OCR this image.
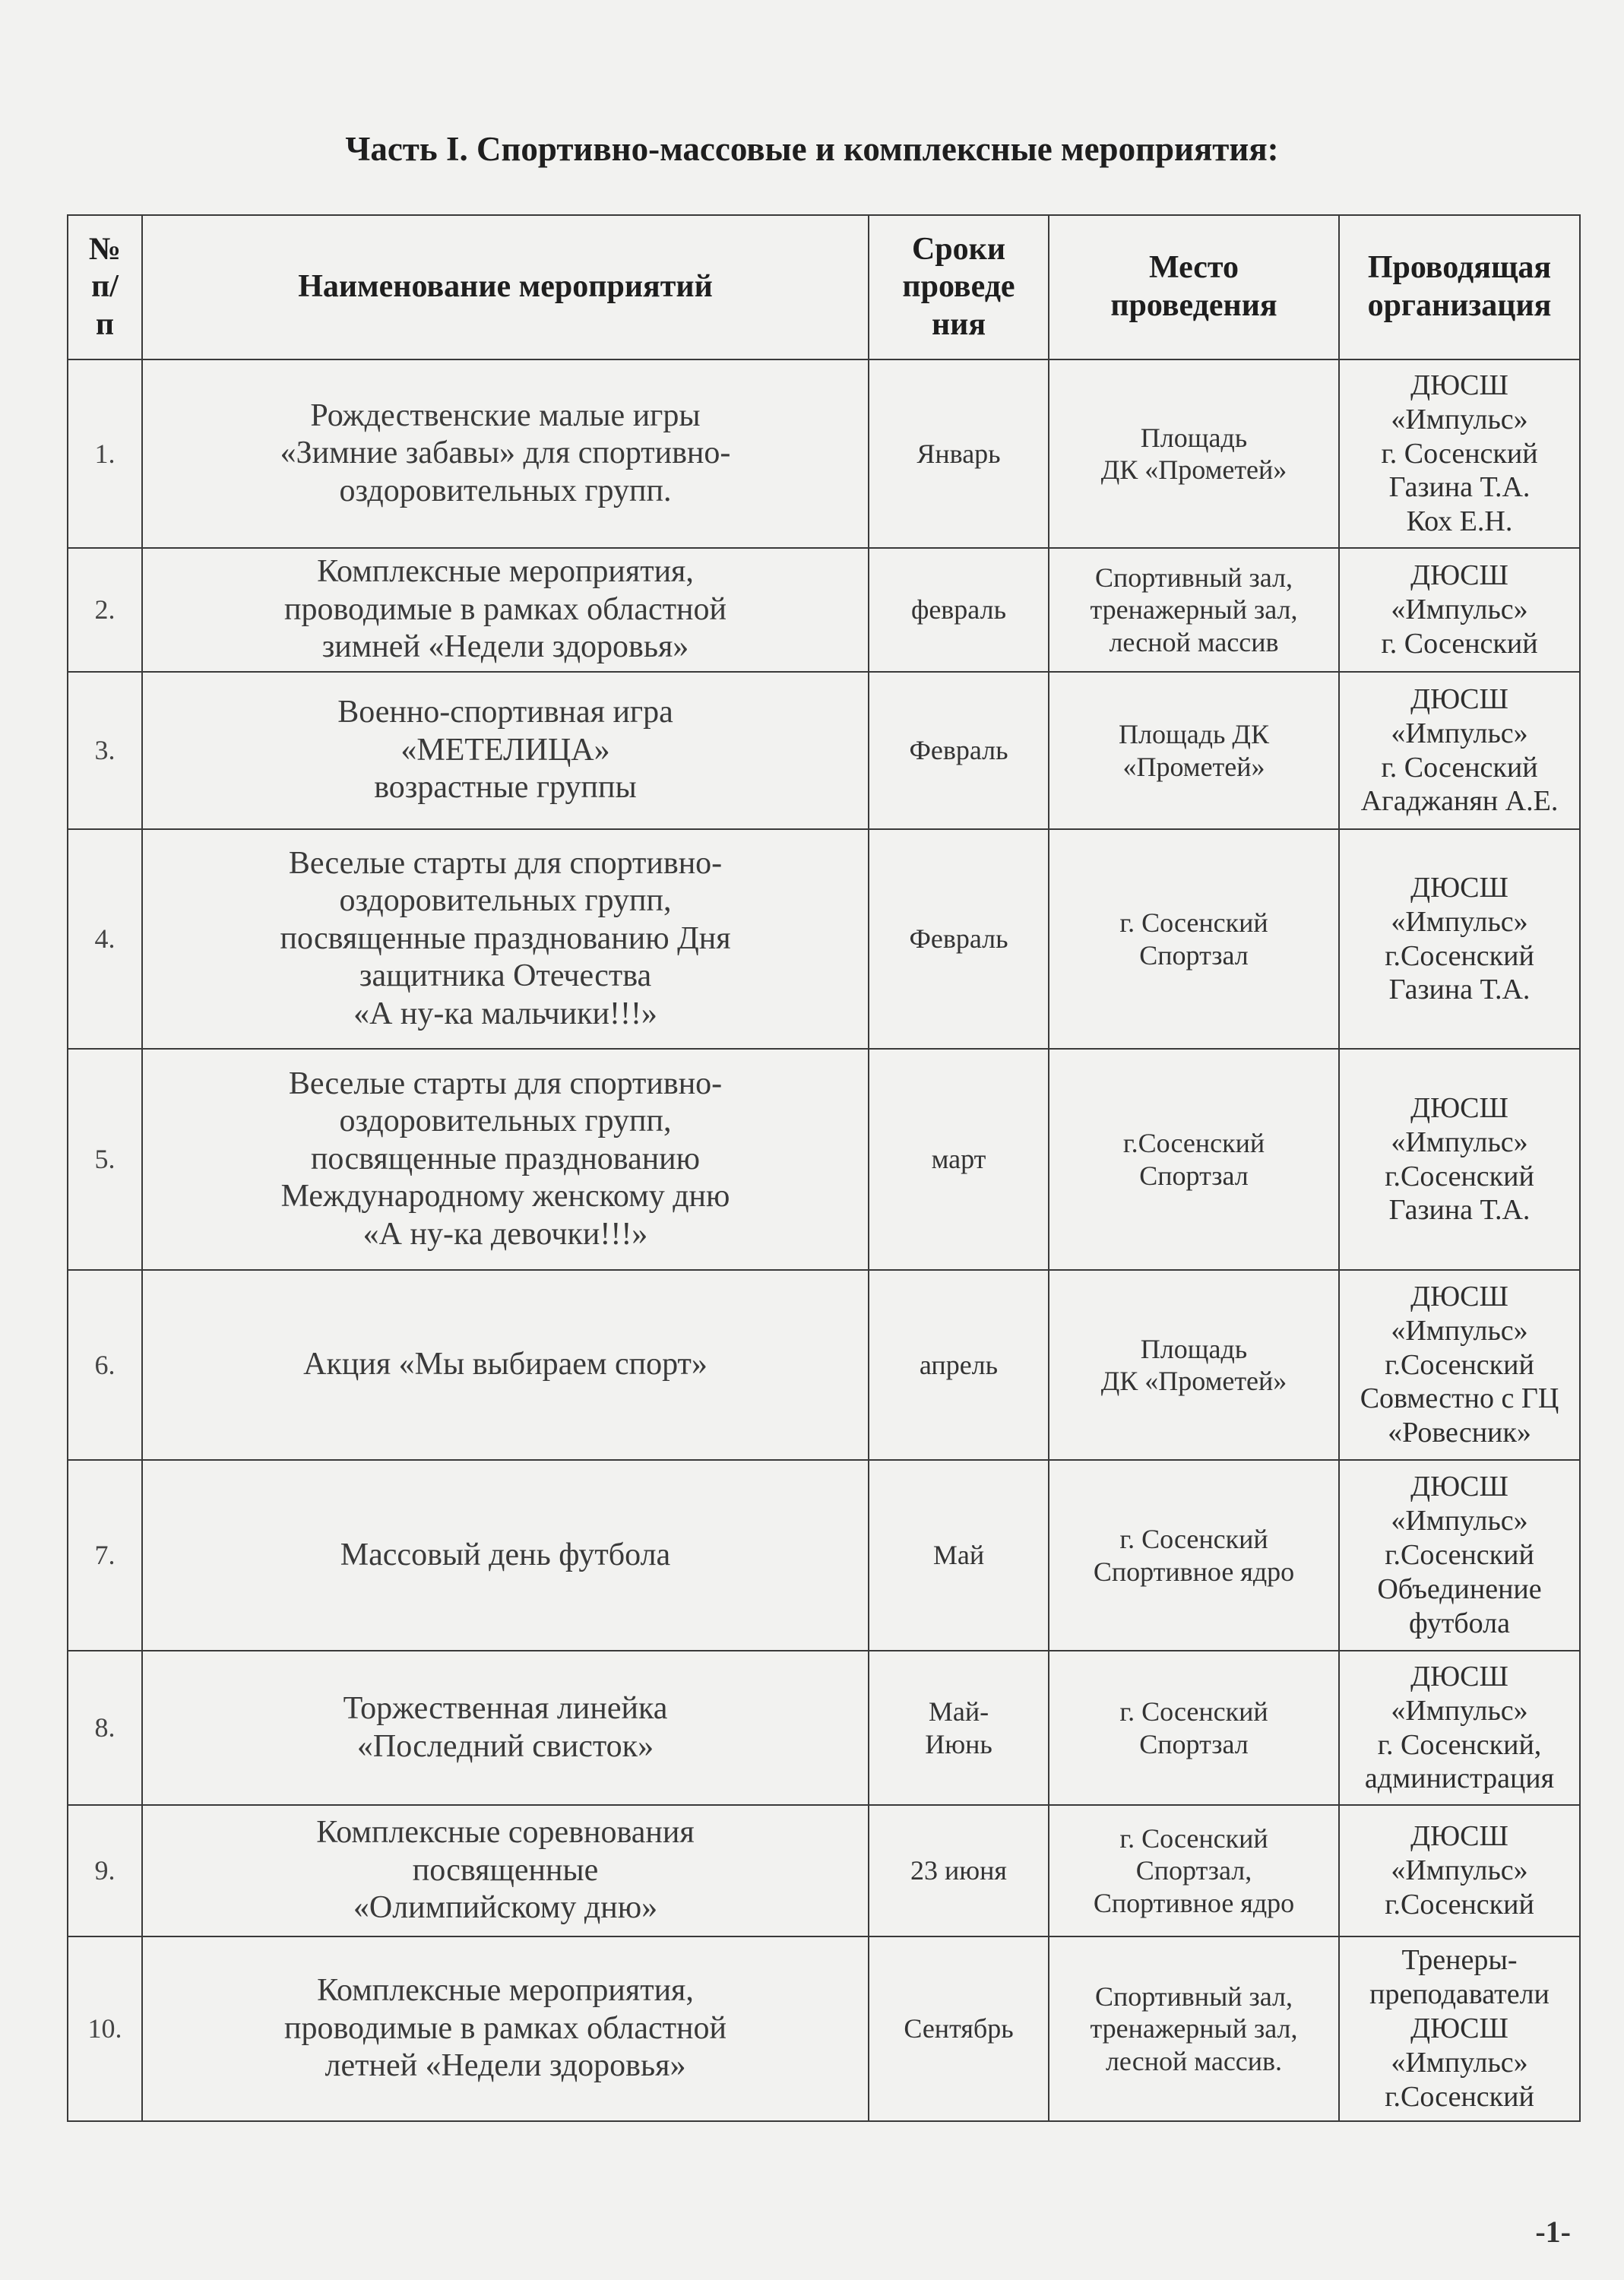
Часть I. Спортивно-массовые и комплексные мероприятия:
№
п/
п	Наименование мероприятий	Сроки
проведе
ния	Место
проведения	Проводящая
организация

1.	Рождественские малые игры
«Зимние забавы» для спортивно-
оздоровительных групп.	Январь	Площадь
ДК «Прометей»	ДЮСШ
«Импульс»
г. Сосенский
Газина Т.А.
Кох Е.Н.

2.	Комплексные мероприятия,
проводимые в рамках областной
зимней «Недели здоровья»	февраль	Спортивный зал,
тренажерный зал,
лесной массив	ДЮСШ
«Импульс»
г. Сосенский

3.	Военно-спортивная игра
«МЕТЕЛИЦА»
возрастные группы	Февраль	Площадь ДК
«Прометей»	ДЮСШ
«Импульс»
г. Сосенский
Агаджанян А.Е.

4.	Веселые старты для спортивно-
оздоровительных групп,
посвященные празднованию Дня
защитника Отечества
«А ну-ка мальчики!!!»	Февраль	г. Сосенский
Спортзал	ДЮСШ
«Импульс»
г.Сосенский
Газина Т.А.

5.	Веселые старты для спортивно-
оздоровительных групп,
посвященные празднованию
Международному женскому дню
«А ну-ка девочки!!!»	март	г.Сосенский
Спортзал	ДЮСШ
«Импульс»
г.Сосенский
Газина Т.А.

6.	Акция «Мы выбираем спорт»	апрель	Площадь
ДК «Прометей»	ДЮСШ
«Импульс»
г.Сосенский
Совместно с ГЦ
«Ровесник»

7.	Массовый день футбола	Май	г. Сосенский
Спортивное ядро	ДЮСШ
«Импульс»
г.Сосенский
Объединение
футбола

8.	Торжественная линейка
«Последний свисток»	Май-
Июнь	г. Сосенский
Спортзал	ДЮСШ
«Импульс»
г. Сосенский,
администрация

9.	Комплексные соревнования
посвященные
«Олимпийскому дню»	23 июня	г. Сосенский
Спортзал,
Спортивное ядро	ДЮСШ
«Импульс»
г.Сосенский

10.	Комплексные мероприятия,
проводимые в рамках областной
летней «Недели здоровья»	Сентябрь	Спортивный зал,
тренажерный зал,
лесной массив.	Тренеры-
преподаватели
ДЮСШ
«Импульс»
г.Сосенский
-1-
